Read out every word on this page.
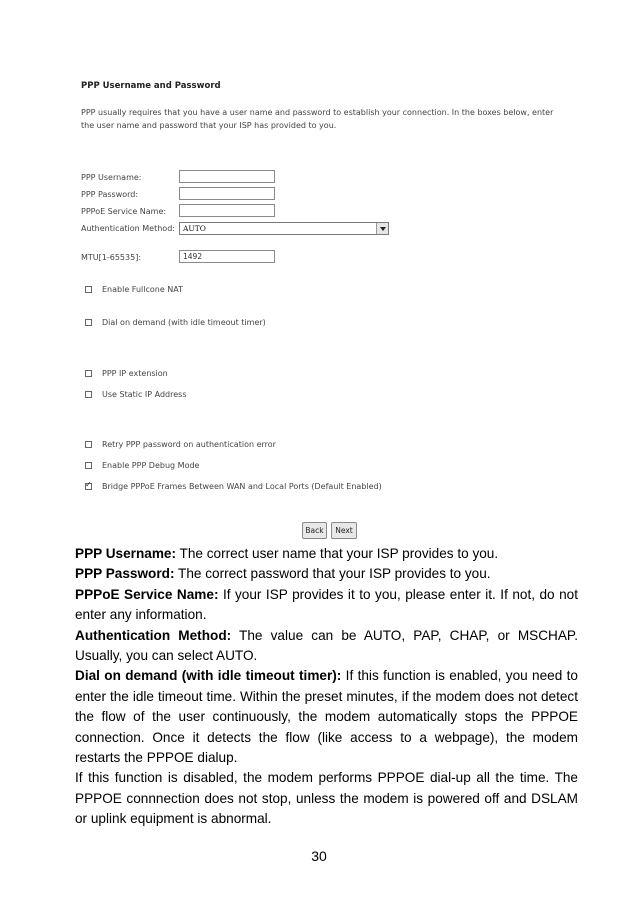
PPP Username and Password
PPP usually requires that you have a user name and password to establish your connection. In the boxes below, enter the user name and password that your ISP has provided to you.
PPP Username:
PPP Password:
PPPoE Service Name:
Authentication Method:	AUTO
MTU[1-65535]:	1492
Enable Fullcone NAT
Dial on demand (with idle timeout timer)
PPP IP extension
Use Static IP Address
Retry PPP password on authentication error
Enable PPP Debug Mode
✓
Bridge PPPoE Frames Between WAN and Local Ports (Default Enabled)
Back	Next

PPP Username: The correct user name that your ISP provides to you.

PPP Password: The correct password that your ISP provides to you.

PPPoE Service Name: If your ISP provides it to you, please enter it. If not, do not enter any information.

Authentication Method: The value can be AUTO, PAP, CHAP, or MSCHAP. Usually, you can select AUTO.

Dial on demand (with idle timeout timer): If this function is enabled, you need to enter the idle timeout time. Within the preset minutes, if the modem does not detect the flow of the user continuously, the modem automatically stops the PPPOE connection. Once it detects the flow (like access to a webpage), the modem restarts the PPPOE dialup.

If this function is disabled, the modem performs PPPOE dial-up all the time. The PPPOE connnection does not stop, unless the modem is powered off and DSLAM or uplink equipment is abnormal.

30
